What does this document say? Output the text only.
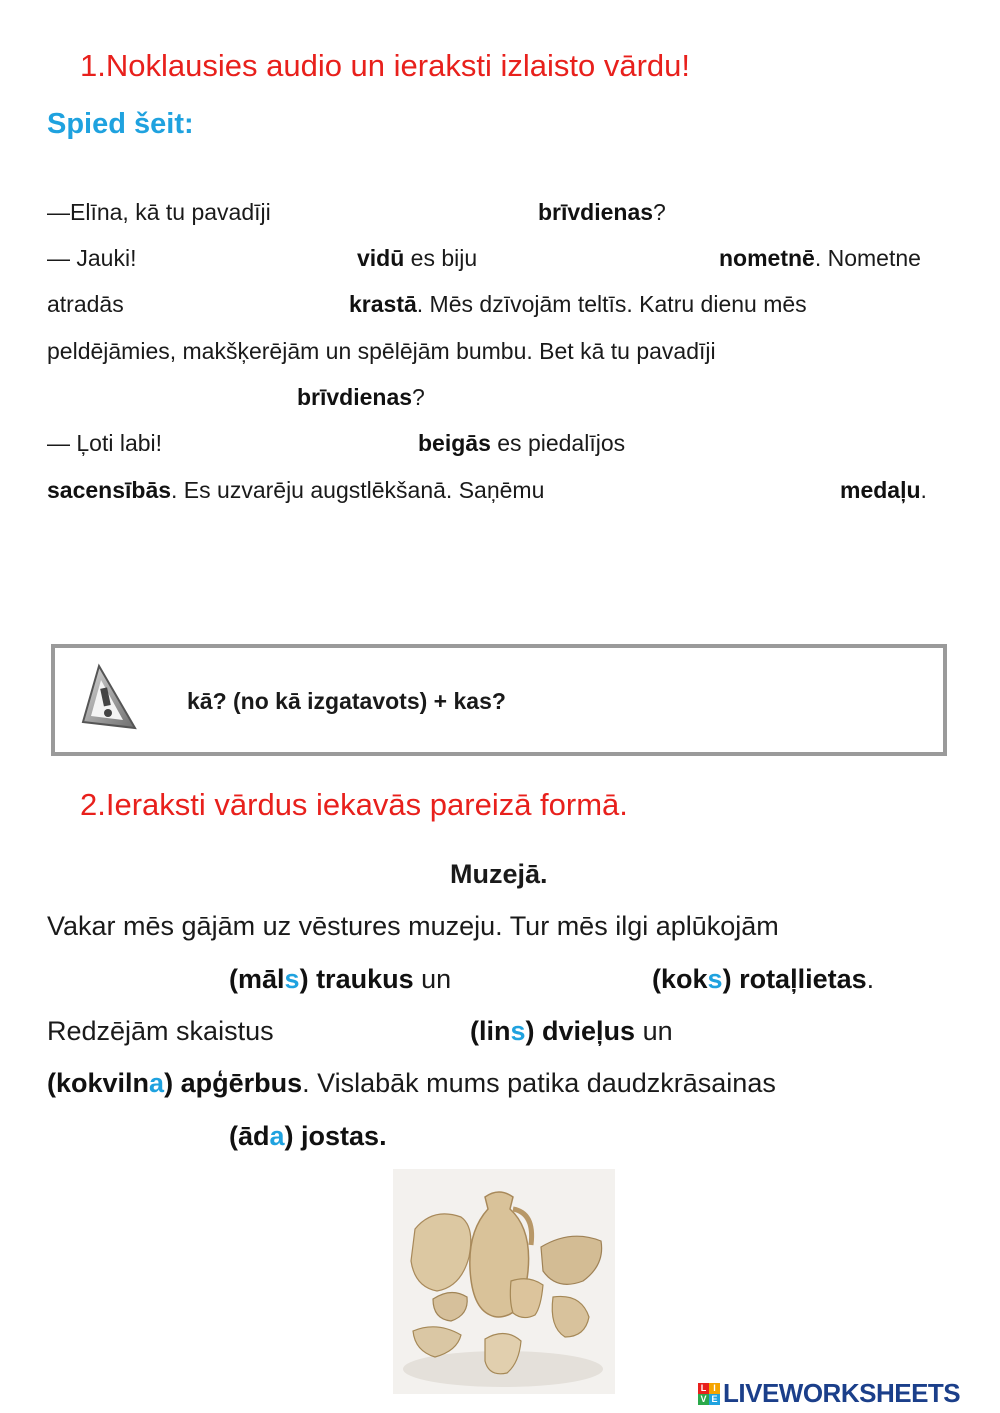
1.Noklausies audio un ieraksti izlaisto vārdu!
Spied šeit:
—Elīna, kā tu pavadīji	brīvdienas?
— Jauki!	vidū es biju	nometnē. Nometne
atradās	krastā. Mēs dzīvojām teltīs. Katru dienu mēs
peldējāmies, makšķerējām un spēlējām bumbu. Bet kā tu pavadīji
brīvdienas?
— Ļoti labi!	beigās es piedalījos
sacensībās. Es uzvarēju augstlēkšanā. Saņēmu	medaļu.
kā? (no kā izgatavots) + kas?
2.Ieraksti vārdus iekavās pareizā formā.
Muzejā.
Vakar mēs gājām uz vēstures muzeju. Tur mēs ilgi aplūkojām
(māls) traukus un	(koks) rotaļlietas.
Redzējām skaistus	(lins) dvieļus un
(kokvilna) apģērbus. Vislabāk mums patika daudzkrāsainas
(āda) jostas.
L I
V E LIVEWORKSHEETS
